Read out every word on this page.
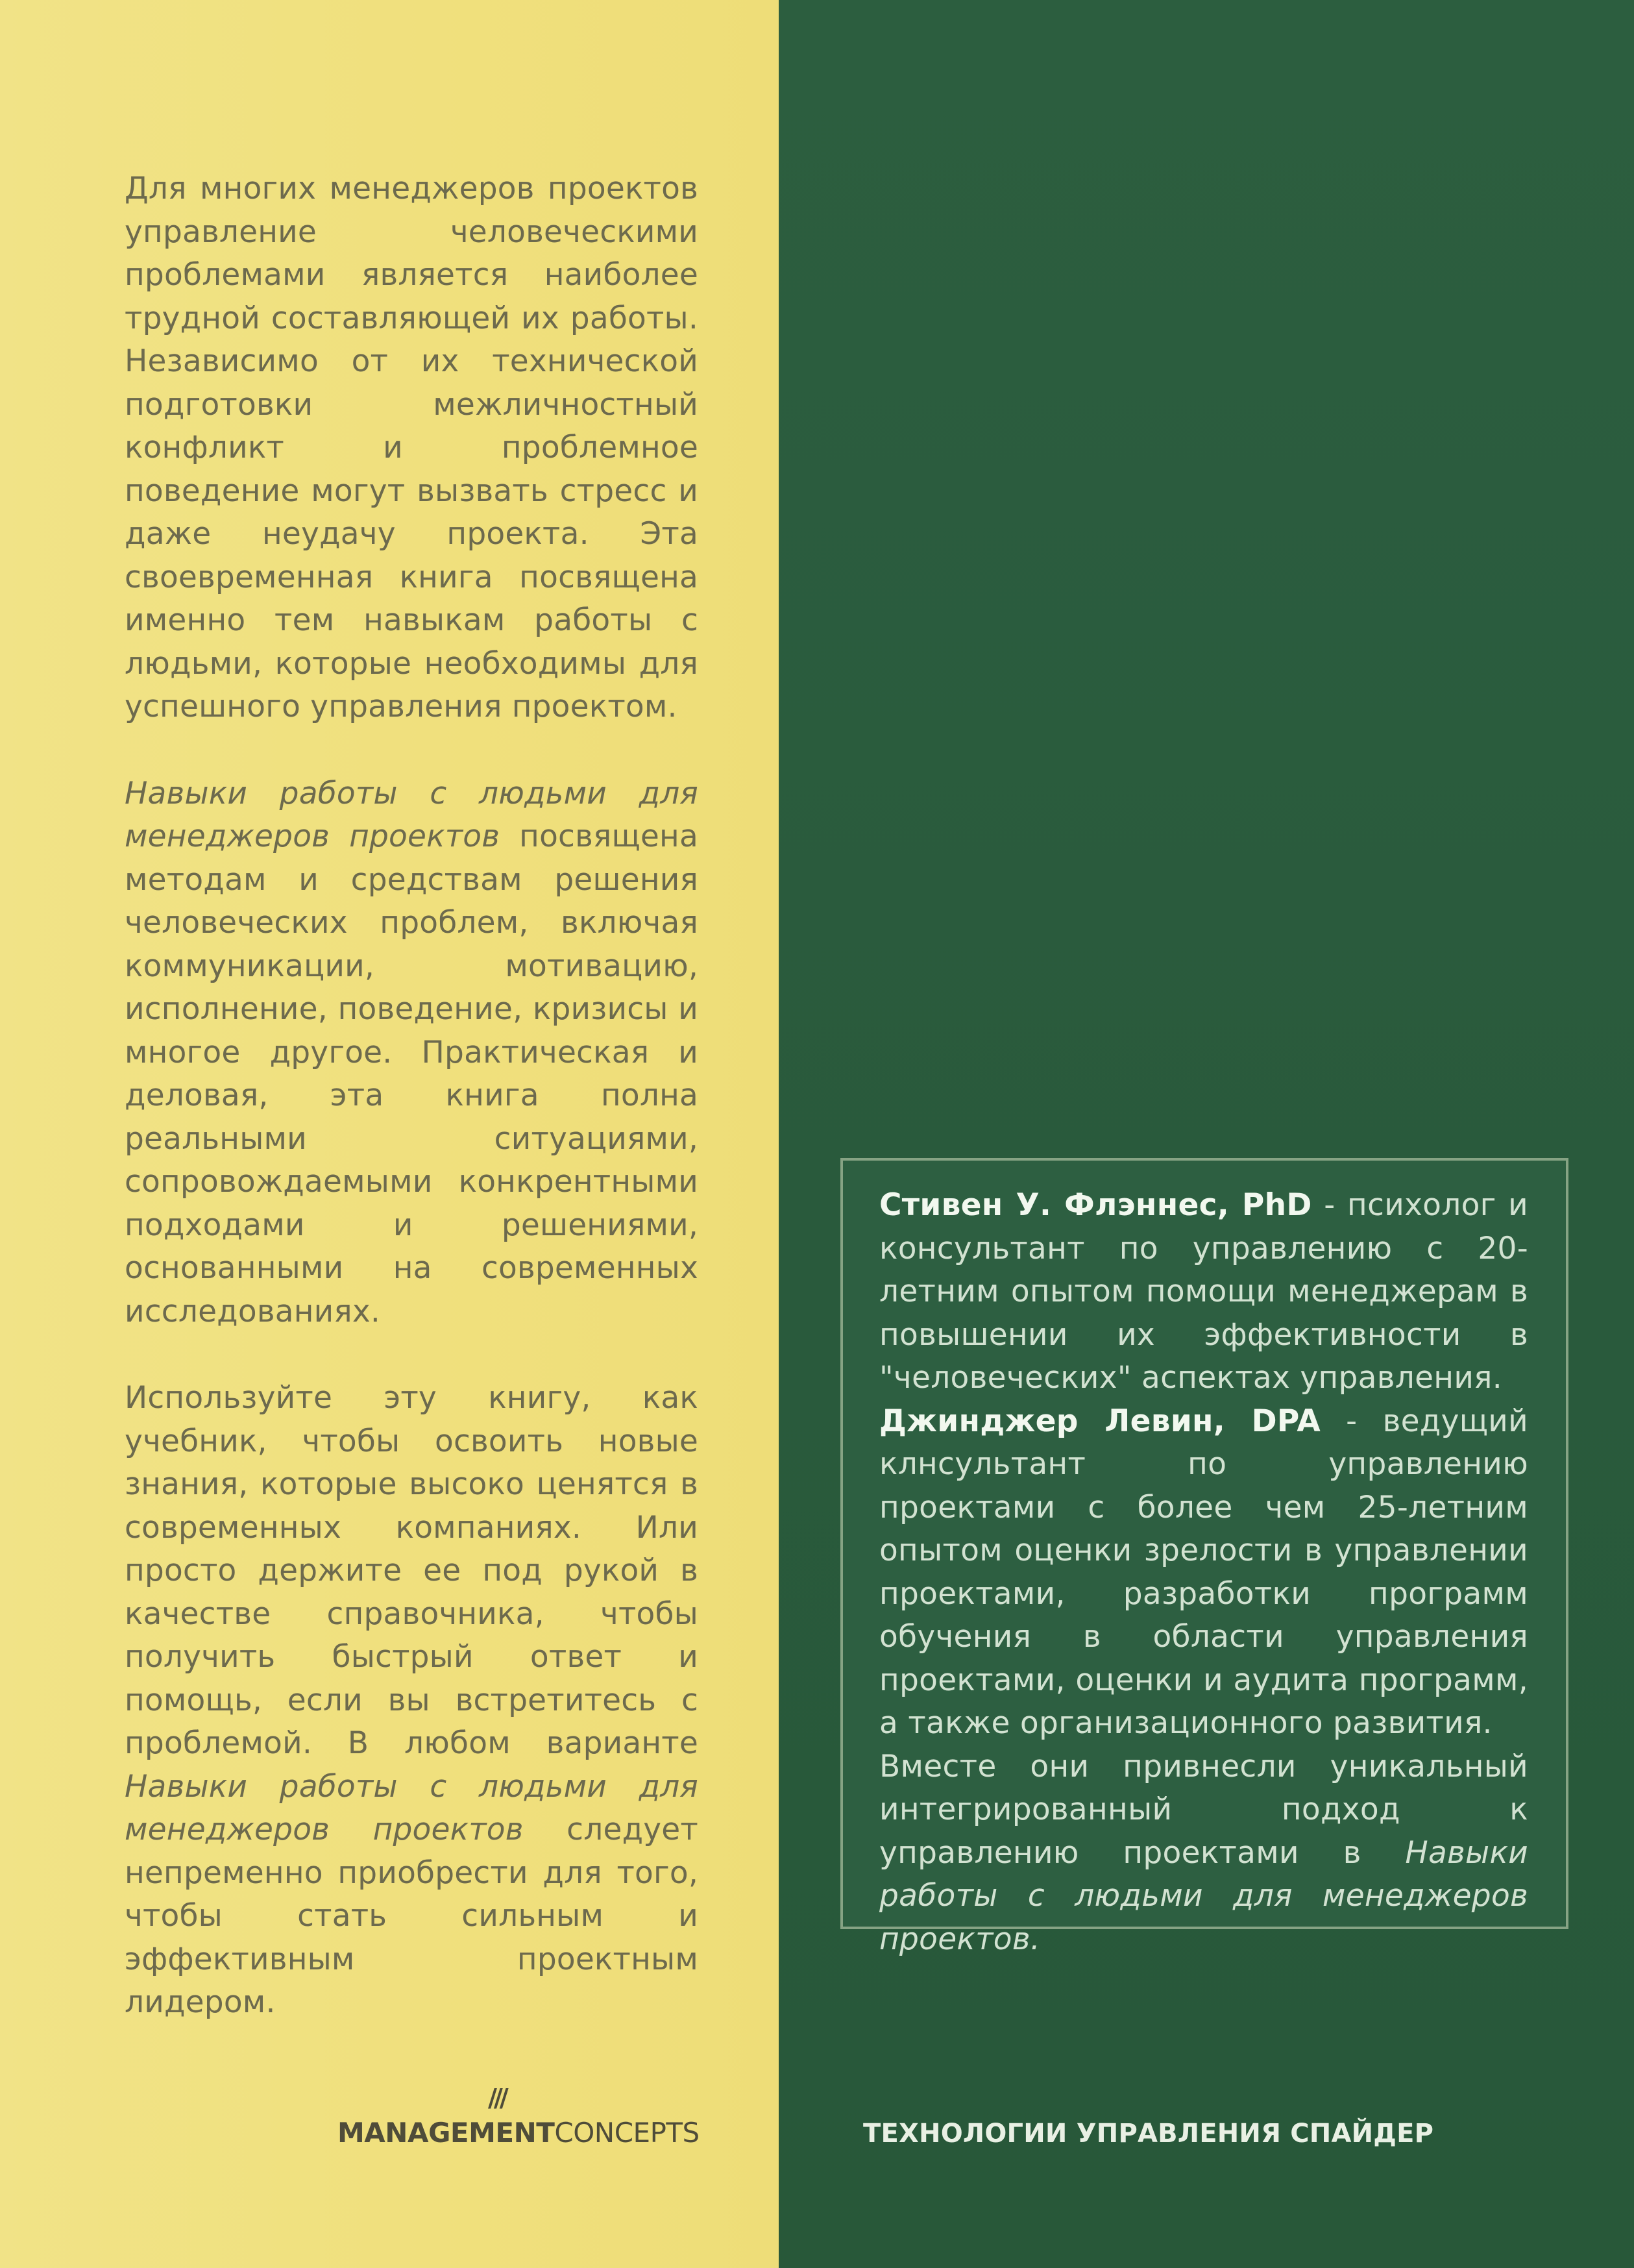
Для многих менеджеров проектов управление человеческими проблемами является наиболее трудной составляющей их работы. Независимо от их технической подготовки межличностный конфликт и проблемное поведение могут вызвать стресс и даже неудачу проекта. Эта своевременная книга посвящена именно тем навыкам работы с людьми, которые необходимы для успешного управления проектом.

Навыки работы с людьми для менеджеров проектов посвящена методам и средствам решения человеческих проблем, включая коммуникации, мотивацию, исполнение, поведение, кризисы и многое другое. Практическая и деловая, эта книга полна реальными ситуациями, сопровождаемыми конкрентными подходами и решениями, основанными на современных исследованиях.

Используйте эту книгу, как учебник, чтобы освоить новые знания, которые высоко ценятся в современных компаниях. Или просто держите ее под рукой в качестве справочника, чтобы получить быстрый ответ и помощь, если вы встретитесь с проблемой. В любом варианте Навыки работы с людьми для менеджеров проектов следует непременно приобрести для того, чтобы стать сильным и эффективным проектным лидером.

Стивен У. Флэннес, PhD - психолог и консультант по управлению с 20-летним опытом помощи менеджерам в повышении их эффективности в "человеческих" аспектах управления.

Джинджер Левин, DPA - ведущий клнсультант по управлению проектами с более чем 25-летним опытом оценки зрелости в управлении проектами, разработки программ обучения в области управления проектами, оценки и аудита программ, а также организационного развития.

Вместе они привнесли уникальный интегрированный подход к управлению проектами в Навыки работы с людьми для менеджеров проектов.

///
MANAGEMENTCONCEPTS	ТЕХНОЛОГИИ УПРАВЛЕНИЯ СПАЙДЕР
